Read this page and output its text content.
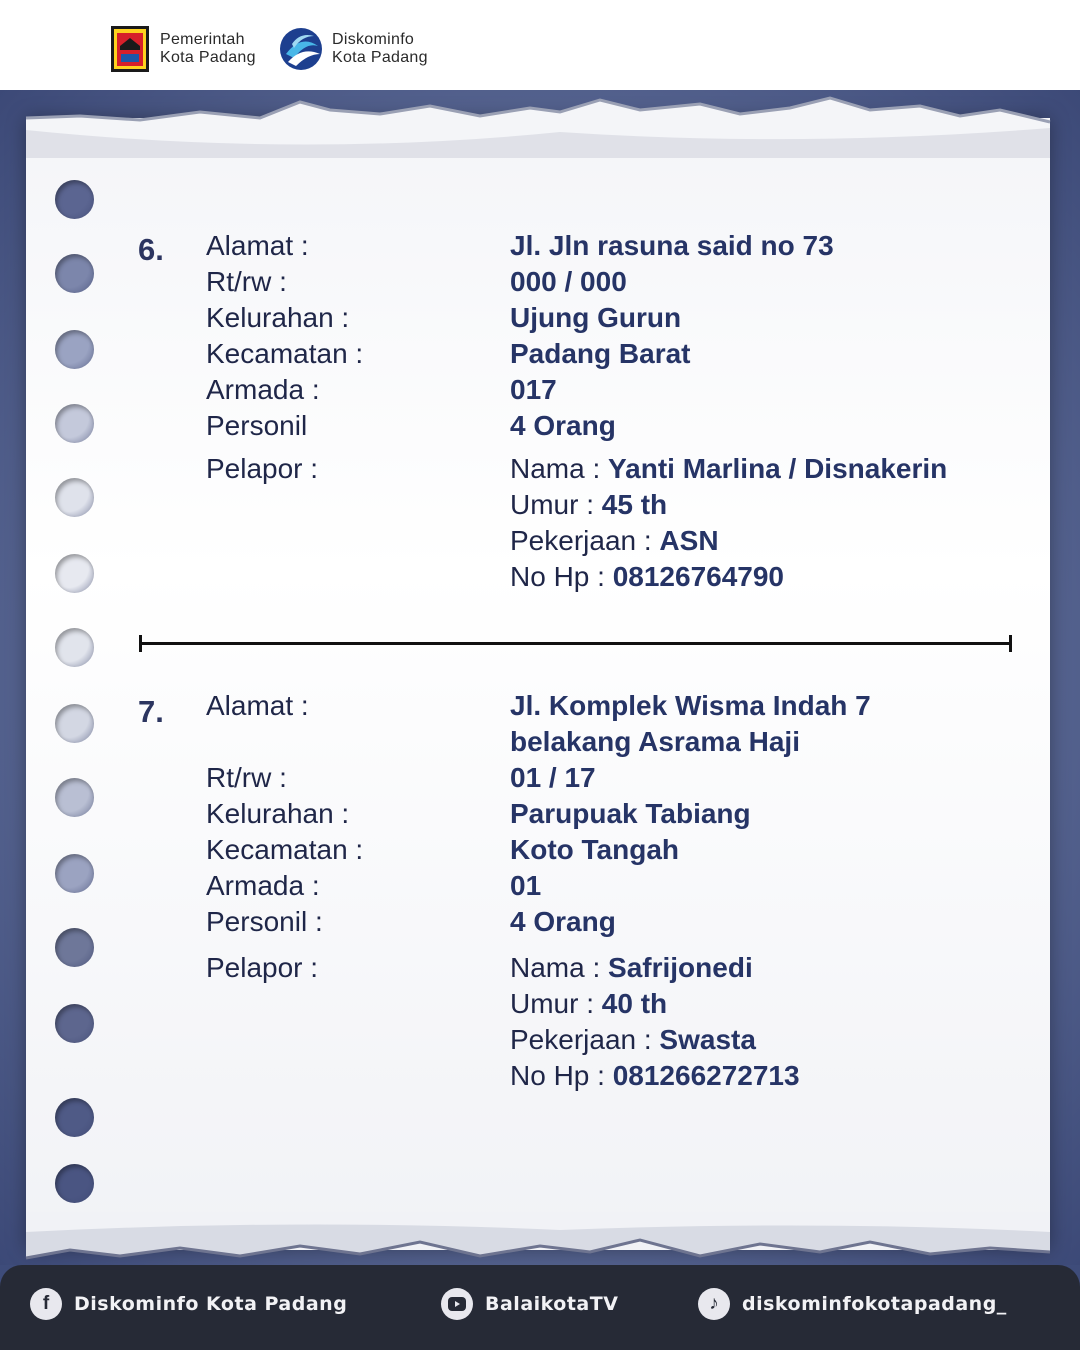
Pemerintah
Kota Padang
Diskominfo
Kota Padang
6. Alamat :	Jl. Jln rasuna said no 73
Rt/rw :	000 / 000
Kelurahan :	Ujung Gurun
Kecamatan :	Padang Barat
Armada :	017
Personil	4 Orang
Pelapor :	Nama : Yanti Marlina / Disnakerin
Umur : 45 th
Pekerjaan : ASN
No Hp : 08126764790
7. Alamat :	Jl. Komplek Wisma Indah 7
belakang Asrama Haji
Rt/rw :	01 / 17
Kelurahan :	Parupuak Tabiang
Kecamatan :	Koto Tangah
Armada :	01
Personil :	4 Orang
Pelapor :	Nama : Safrijonedi
Umur : 40 th
Pekerjaan : Swasta
No Hp : 081266272713
f	Diskominfo Kota Padang	BalaikotaTV	♪	diskominfokotapadang_
